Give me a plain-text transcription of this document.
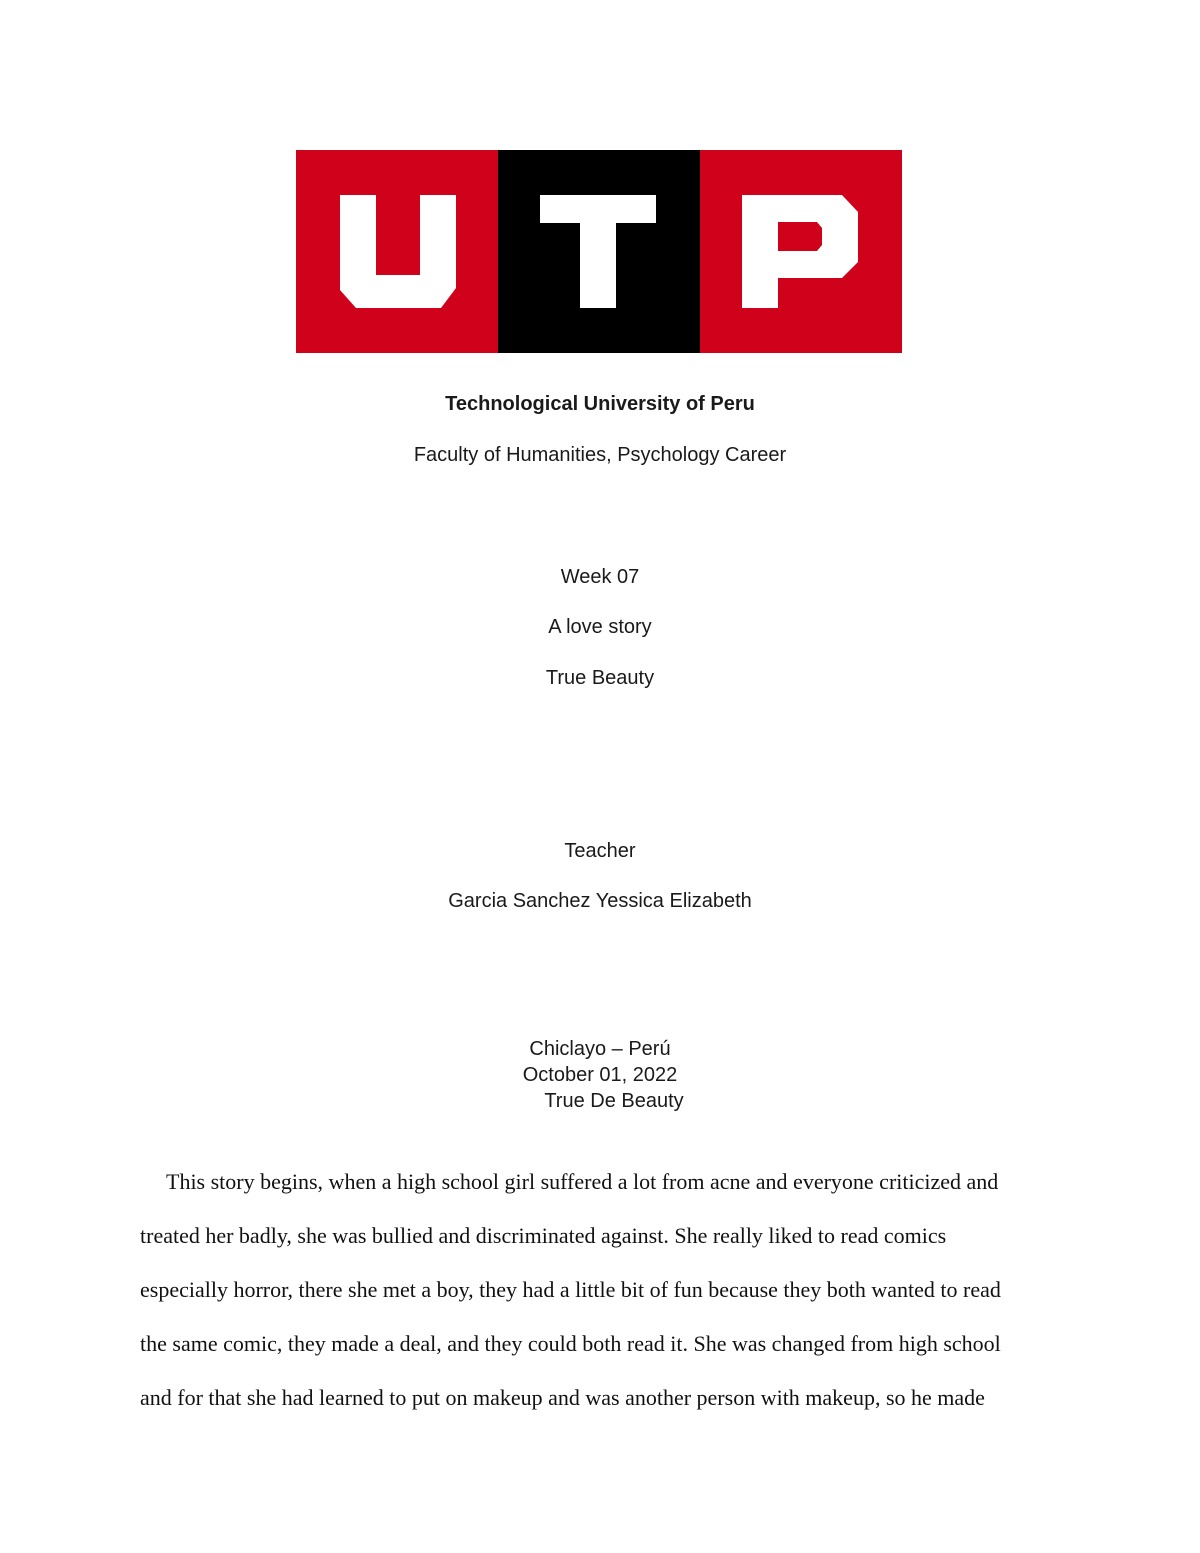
Technological University of Peru
Faculty of Humanities, Psychology Career
Week 07
A love story
True Beauty
Teacher
Garcia Sanchez Yessica Elizabeth
Chiclayo – Perú
October 01, 2022
True De Beauty
This story begins, when a high school girl suffered a lot from acne and everyone criticized and
treated her badly, she was bullied and discriminated against. She really liked to read comics
especially horror, there she met a boy, they had a little bit of fun because they both wanted to read
the same comic, they made a deal, and they could both read it. She was changed from high school
and for that she had learned to put on makeup and was another person with makeup, so he made
